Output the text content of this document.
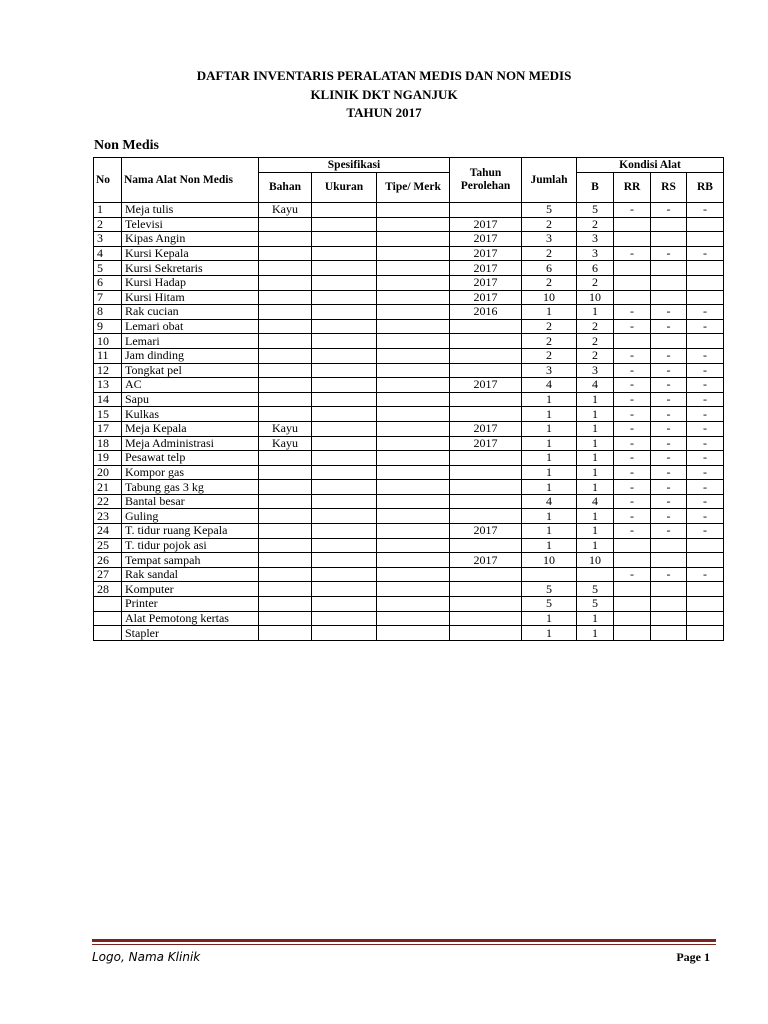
DAFTAR INVENTARIS PERALATAN MEDIS DAN NON MEDIS
KLINIK DKT NGANJUK
TAHUN 2017
Non Medis
No	Nama Alat Non Medis	Spesifikasi			Tahun Perolehan	Jumlah	Kondisi Alat			
		Bahan	Ukuran	Tipe/ Merk			B	RR	RS	RB
1	Meja tulis	Kayu				5	5	-	-	-
2	Televisi				2017	2	2			
3	Kipas Angin				2017	3	3			
4	Kursi Kepala				2017	2	3	-	-	-
5	Kursi Sekretaris				2017	6	6			
6	Kursi Hadap				2017	2	2			
7	Kursi Hitam				2017	10	10			
8	Rak cucian				2016	1	1	-	-	-
9	Lemari obat					2	2	-	-	-
10	Lemari					2	2			
11	Jam dinding					2	2	-	-	-
12	Tongkat pel					3	3	-	-	-
13	AC				2017	4	4	-	-	-
14	Sapu					1	1	-	-	-
15	Kulkas					1	1	-	-	-
17	Meja Kepala	Kayu			2017	1	1	-	-	-
18	Meja Administrasi	Kayu			2017	1	1	-	-	-
19	Pesawat telp					1	1	-	-	-
20	Kompor gas					1	1	-	-	-
21	Tabung gas 3 kg					1	1	-	-	-
22	Bantal besar					4	4	-	-	-
23	Guling					1	1	-	-	-
24	T. tidur ruang Kepala				2017	1	1	-	-	-
25	T. tidur pojok asi					1	1			
26	Tempat sampah				2017	10	10			
27	Rak sandal							-	-	-
28	Komputer					5	5			
	Printer					5	5			
	Alat Pemotong kertas					1	1			
	Stapler					1	1			
Logo, Nama Klinik	Page 1
